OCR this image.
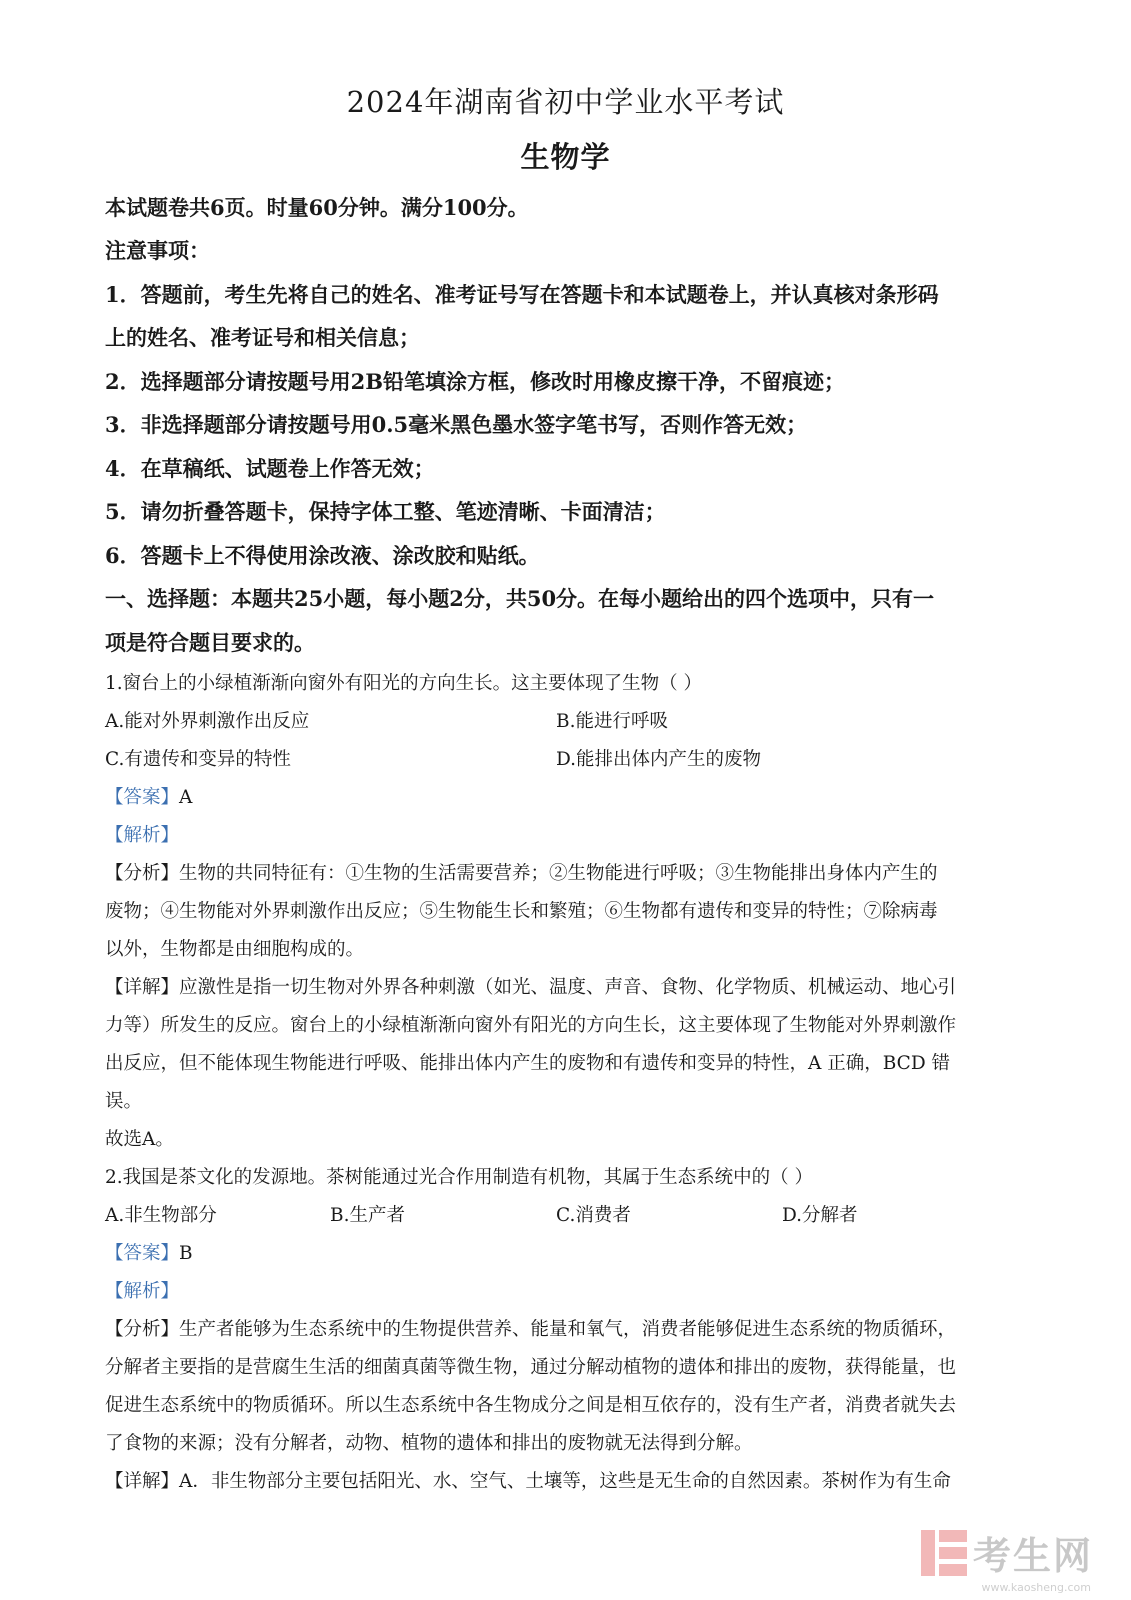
2024年湖南省初中学业水平考试
生物学
本试题卷共6页。时量60分钟。满分100分。
注意事项：
1．答题前，考生先将自己的姓名、准考证号写在答题卡和本试题卷上，并认真核对条形码
上的姓名、准考证号和相关信息；
2．选择题部分请按题号用2B铅笔填涂方框，修改时用橡皮擦干净，不留痕迹；
3．非选择题部分请按题号用0.5毫米黑色墨水签字笔书写，否则作答无效；
4．在草稿纸、试题卷上作答无效；
5．请勿折叠答题卡，保持字体工整、笔迹清晰、卡面清洁；
6．答题卡上不得使用涂改液、涂改胶和贴纸。
一、选择题：本题共25小题，每小题2分，共50分。在每小题给出的四个选项中，只有一
项是符合题目要求的。
1.窗台上的小绿植渐渐向窗外有阳光的方向生长。这主要体现了生物（ ）
A.能对外界刺激作出反应	B.能进行呼吸
C.有遗传和变异的特性	D.能排出体内产生的废物
【答案】A
【解析】
【分析】生物的共同特征有：①生物的生活需要营养；②生物能进行呼吸；③生物能排出身体内产生的
废物；④生物能对外界刺激作出反应；⑤生物能生长和繁殖；⑥生物都有遗传和变异的特性；⑦除病毒
以外，生物都是由细胞构成的。
【详解】应激性是指一切生物对外界各种刺激（如光、温度、声音、食物、化学物质、机械运动、地心引
力等）所发生的反应。窗台上的小绿植渐渐向窗外有阳光的方向生长，这主要体现了生物能对外界刺激作
出反应，但不能体现生物能进行呼吸、能排出体内产生的废物和有遗传和变异的特性，A 正确，BCD 错
误。
故选A。
2.我国是茶文化的发源地。茶树能通过光合作用制造有机物，其属于生态系统中的（ ）
A.非生物部分	B.生产者	C.消费者	D.分解者
【答案】B
【解析】
【分析】生产者能够为生态系统中的生物提供营养、能量和氧气，消费者能够促进生态系统的物质循环，
分解者主要指的是营腐生生活的细菌真菌等微生物，通过分解动植物的遗体和排出的废物，获得能量，也
促进生态系统中的物质循环。所以生态系统中各生物成分之间是相互依存的，没有生产者，消费者就失去
了食物的来源；没有分解者，动物、植物的遗体和排出的废物就无法得到分解。
【详解】A．非生物部分主要包括阳光、水、空气、土壤等，这些是无生命的自然因素。茶树作为有生命
考生网
www.kaosheng.com
